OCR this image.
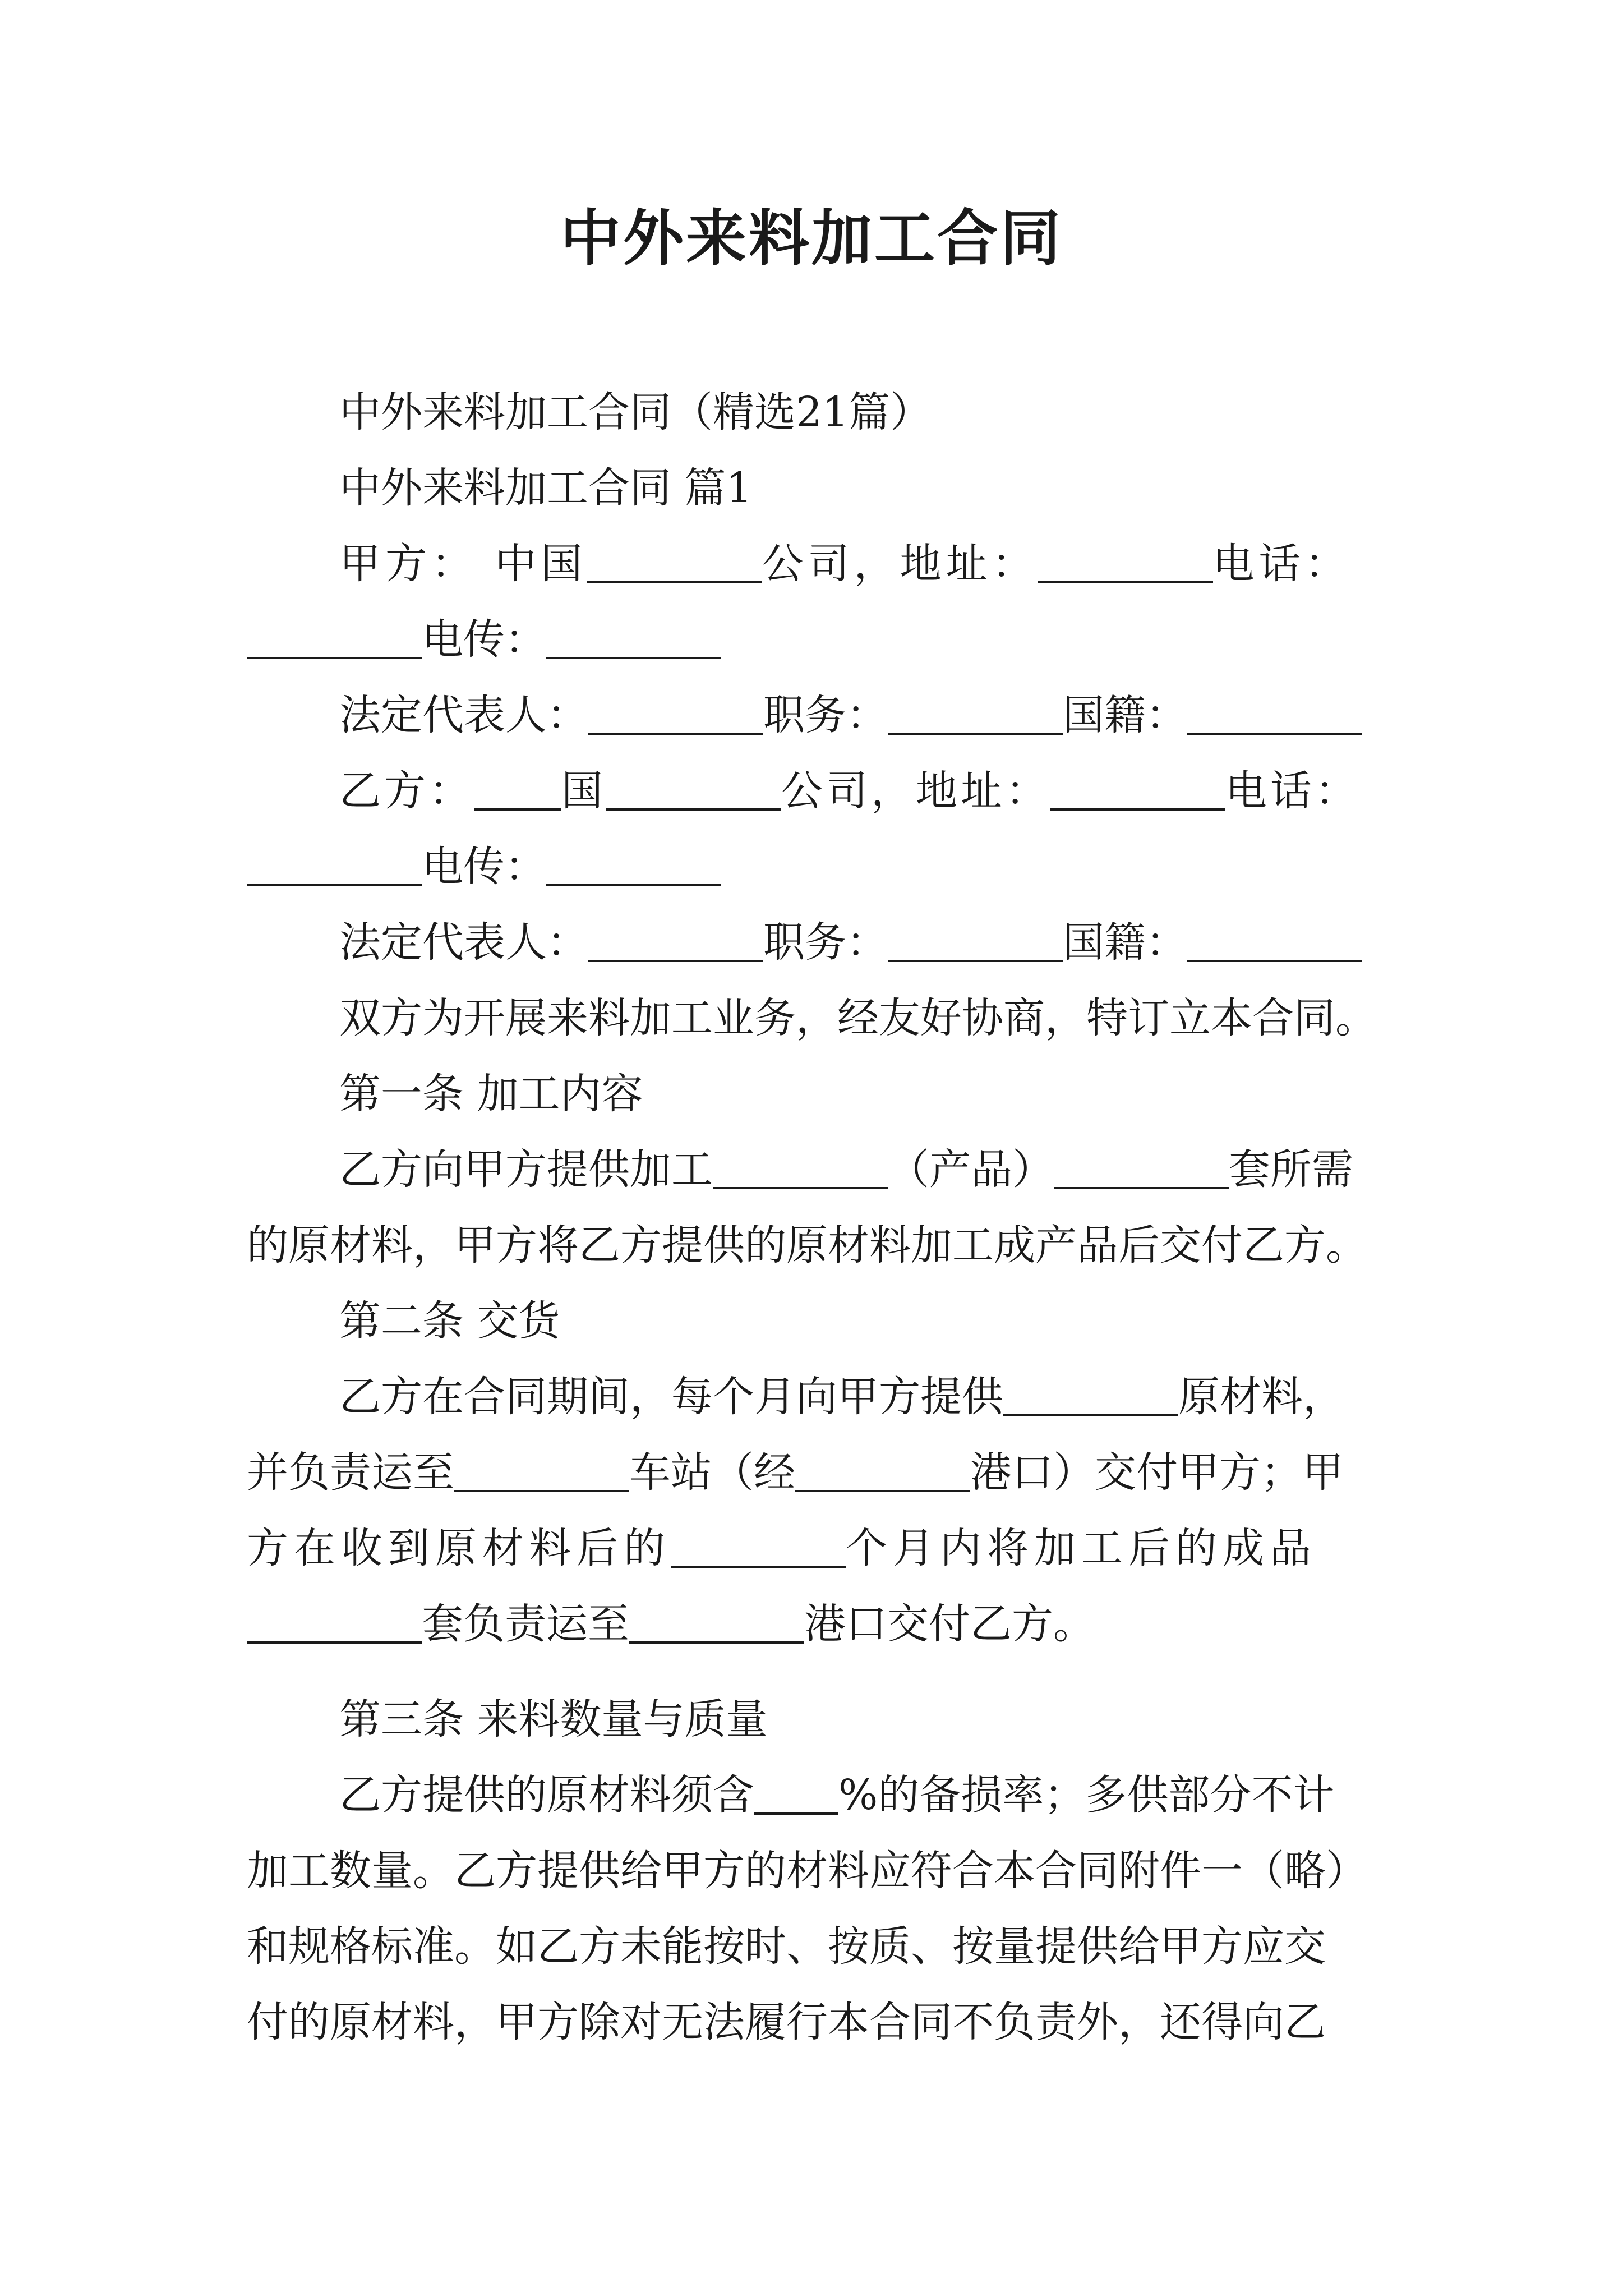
中外来料加工合同
中外来料加工合同（精选21篇）
中外来料加工合同 篇1
甲方： 中国	公司，地址：	电话：
电传：
法定代表人：	职务：	国籍：
乙方： 国	公司，地址：	电话：
电传：
法定代表人：	职务：	国籍：
双方为开展来料加工业务，经友好协商，特订立本合同。
第一条 加工内容
乙方向甲方提供加工	（产品）	套所需
的原材料，甲方将乙方提供的原材料加工成产品后交付乙方。
第二条 交货
乙方在合同期间，每个月向甲方提供	原材料，
并负责运至	车站（经	港口）交付甲方；甲
方在收到原材料后的	个月内将加工后的成品
套负责运至	港口交付乙方。
第三条 来料数量与质量
乙方提供的原材料须含 %的备损率；多供部分不计
加工数量。乙方提供给甲方的材料应符合本合同附件一（略）
和规格标准。如乙方未能按时、按质、按量提供给甲方应交
付的原材料，甲方除对无法履行本合同不负责外，还得向乙
